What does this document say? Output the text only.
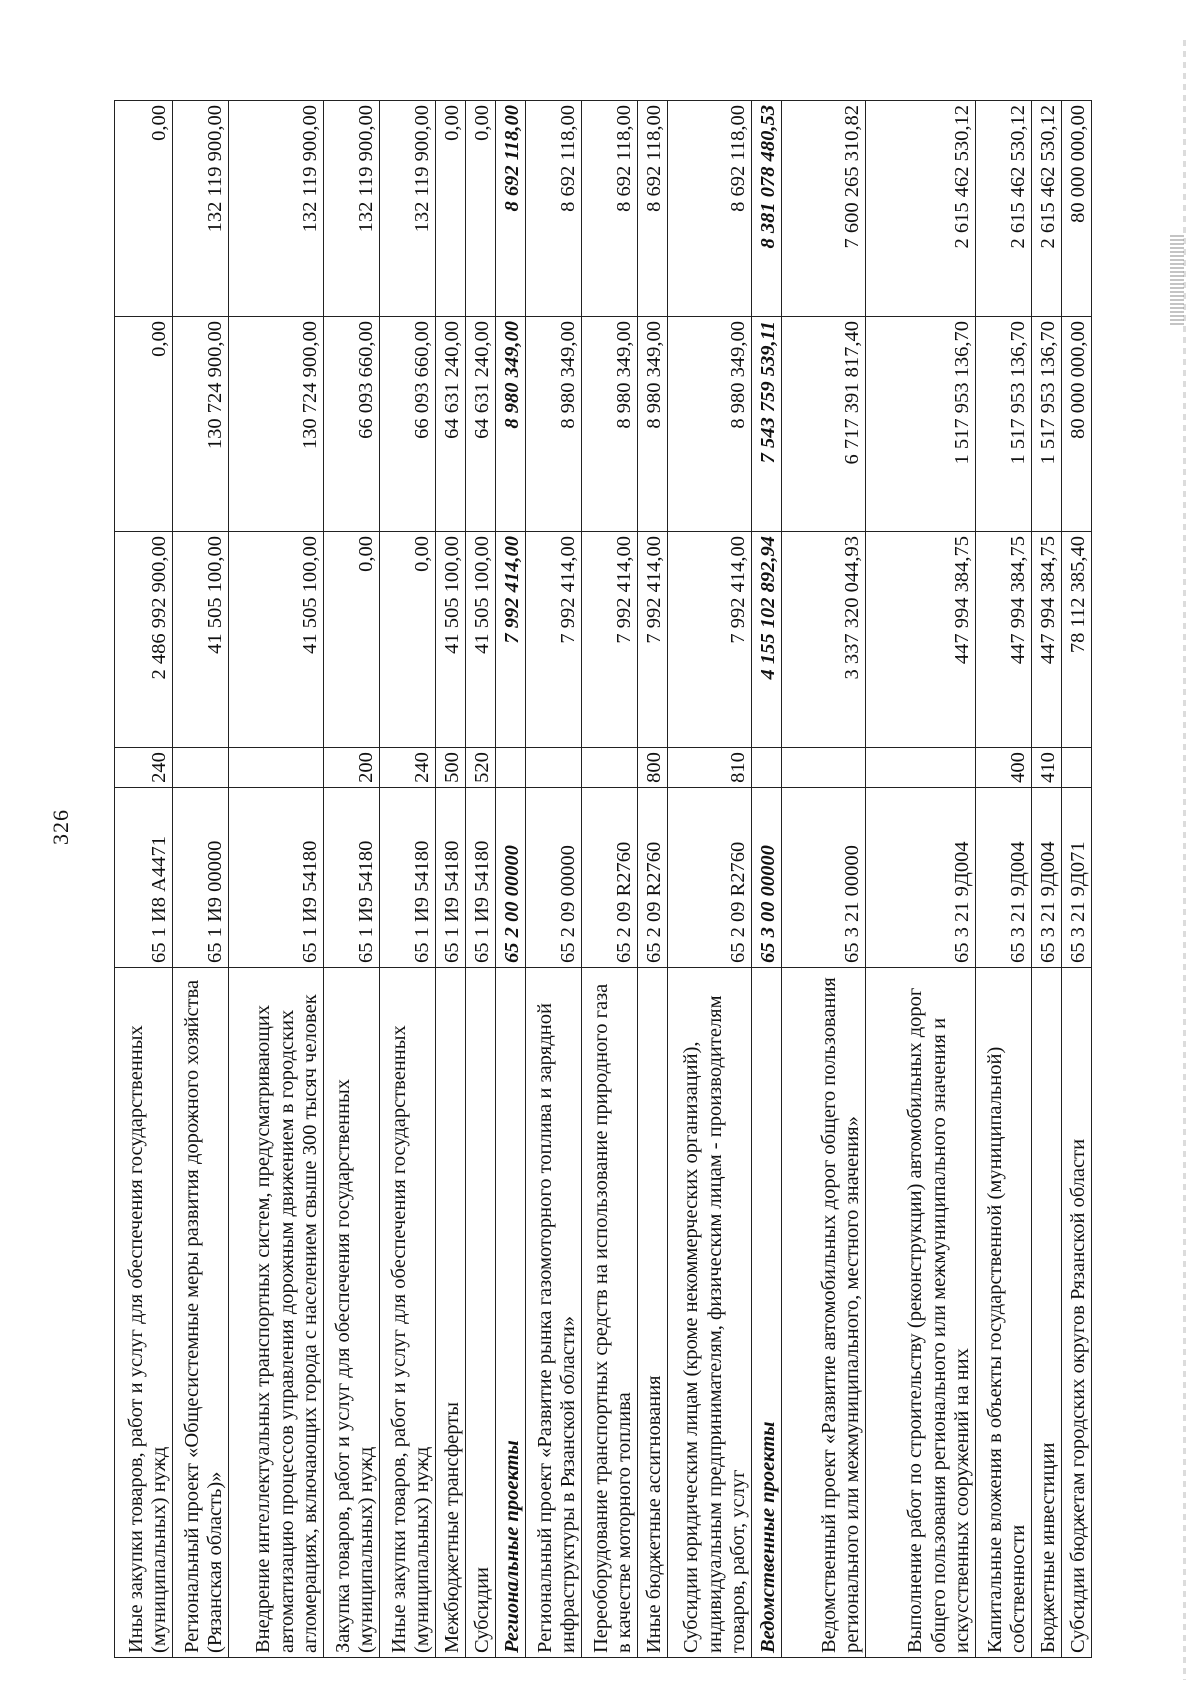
326
Иные закупки товаров, работ и услуг для обеспечения государственных (муниципальных) нужд	65 1 И8 А4471	240	2 486 992 900,00	0,00	0,00
Региональный проект «Общесистемные меры развития дорожного хозяйства (Рязанская область)»	65 1 И9 00000		41 505 100,00	130 724 900,00	132 119 900,00
Внедрение интеллектуальных транспортных систем, предусматривающих автоматизацию процессов управления дорожным движением в городских агломерациях, включающих города с населением свыше 300 тысяч человек	65 1 И9 54180		41 505 100,00	130 724 900,00	132 119 900,00
Закупка товаров, работ и услуг для обеспечения государственных (муниципальных) нужд	65 1 И9 54180	200	0,00	66 093 660,00	132 119 900,00
Иные закупки товаров, работ и услуг для обеспечения государственных (муниципальных) нужд	65 1 И9 54180	240	0,00	66 093 660,00	132 119 900,00
Межбюджетные трансферты	65 1 И9 54180	500	41 505 100,00	64 631 240,00	0,00
Субсидии	65 1 И9 54180	520	41 505 100,00	64 631 240,00	0,00
Региональные проекты	65 2 00 00000		7 992 414,00	8 980 349,00	8 692 118,00
Региональный проект «Развитие рынка газомоторного топлива и зарядной инфраструктуры в Рязанской области»	65 2 09 00000		7 992 414,00	8 980 349,00	8 692 118,00
Переоборудование транспортных средств на использование природного газа в качестве моторного топлива	65 2 09 R2760		7 992 414,00	8 980 349,00	8 692 118,00
Иные бюджетные ассигнования	65 2 09 R2760	800	7 992 414,00	8 980 349,00	8 692 118,00
Субсидии юридическим лицам (кроме некоммерческих организаций), индивидуальным предпринимателям, физическим лицам - производителям товаров, работ, услуг	65 2 09 R2760	810	7 992 414,00	8 980 349,00	8 692 118,00
Ведомственные проекты	65 3 00 00000		4 155 102 892,94	7 543 759 539,11	8 381 078 480,53
Ведомственный проект «Развитие автомобильных дорог общего пользования регионального или межмуниципального, местного значения»	65 3 21 00000		3 337 320 044,93	6 717 391 817,40	7 600 265 310,82
Выполнение работ по строительству (реконструкции) автомобильных дорог общего пользования регионального или межмуниципального значения и искусственных сооружений на них	65 3 21 9Д004		447 994 384,75	1 517 953 136,70	2 615 462 530,12
Капитальные вложения в объекты государственной (муниципальной) собственности	65 3 21 9Д004	400	447 994 384,75	1 517 953 136,70	2 615 462 530,12
Бюджетные инвестиции	65 3 21 9Д004	410	447 994 384,75	1 517 953 136,70	2 615 462 530,12
Субсидии бюджетам городских округов Рязанской области	65 3 21 9Д071		78 112 385,40	80 000 000,00	80 000 000,00
